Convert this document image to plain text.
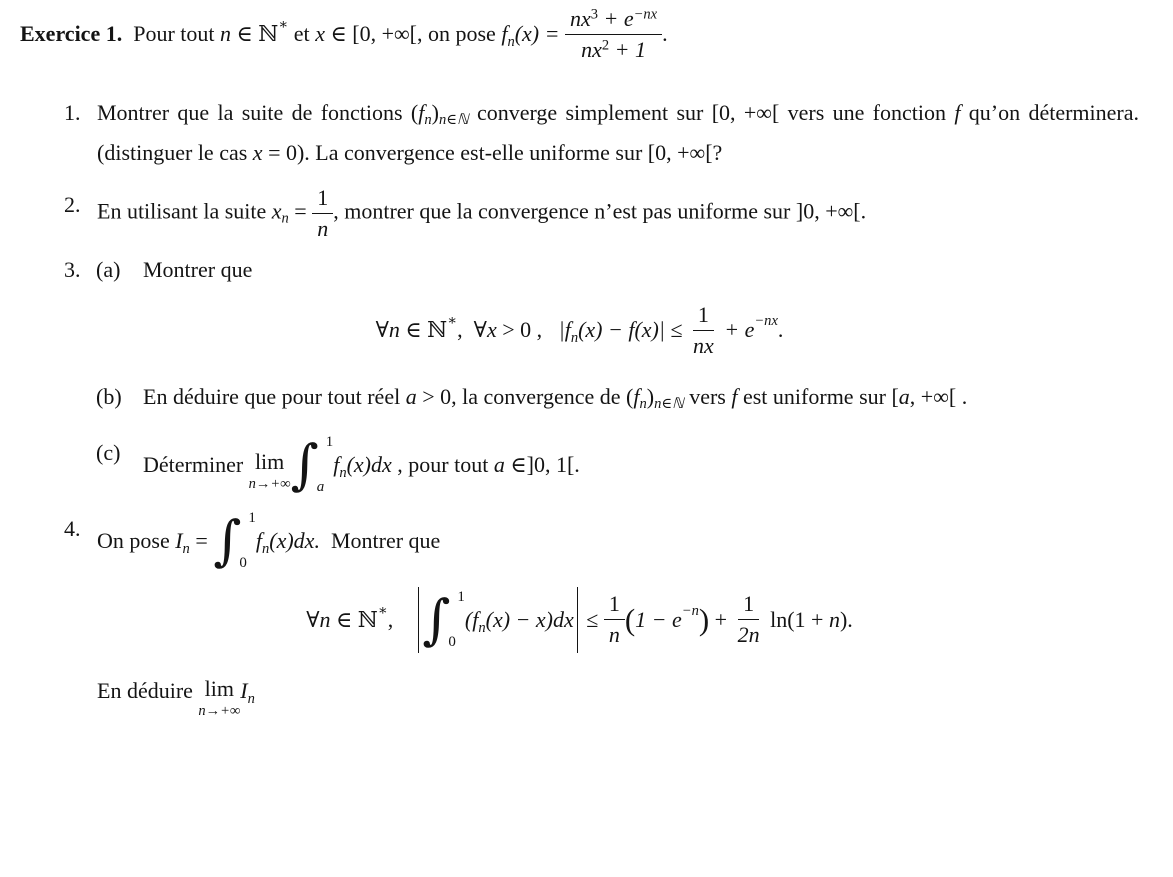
Exercice 1. Pour tout n ∈ ℕ ∗ et x ∈ [0, +∞[, on pose f n $(x) = \frac{nx^3 + e^{-nx}}{nx^2 + 1}$ .
1. Montrer que la suite de fonctions $(f_n)_{n\in ℕ}$ converge simplement sur [0, +∞[ vers une fonction f qu’on déterminera. (distinguer le cas x = 0). La convergence est-elle uniforme sur [0, +∞[?
2. En utilisant la suite $x_n = \frac{1}{n}$ , montrer que la convergence n’est pas uniforme sur ]0, +∞[.
3. (a) Montrer que
∀ n ∈ ℕ ∗ ,  ∀ x > 0 , |f n $(x) - f(x)| \le \frac{1}{nx} + e -nx$ .
(b) En déduire que pour tout réel a > 0, la convergence de $(f_n)_{n\in ℕ}$ vers f est uniforme sur [a, +∞[ .
(c) Déterminer lim
n→+∞ ∫ 1
a
f n (x)dx , pour tout a ∈]0, 1[.
4. On pose I n = ∫ 1
0
f n (x)dx. Montrer que
∀ n ∈ ℕ ∗ , ∫ 1
0
(f n $(x) - x)dx \le \frac{1}{n}$ ( 1 − e −n ) + $\frac{1}{2n} \ln(1 + n$ ).
En déduire lim
n→+∞
I n
